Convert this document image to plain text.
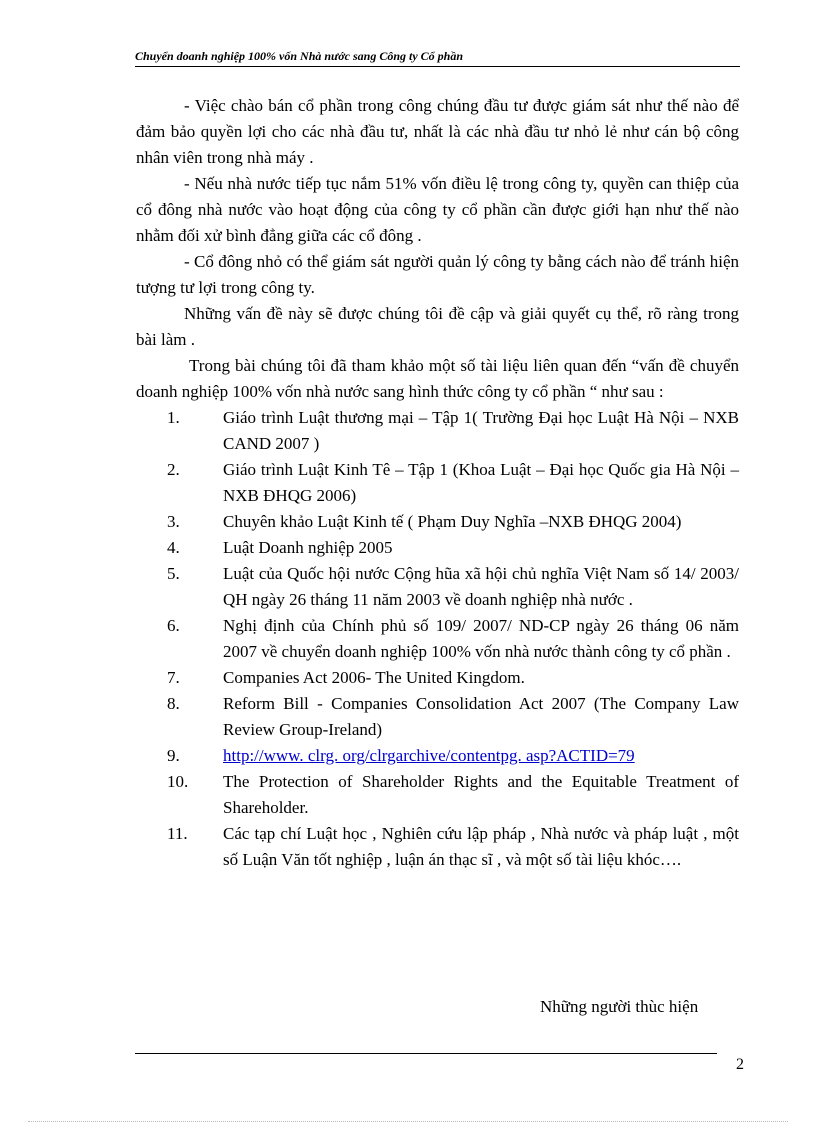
Chuyển doanh nghiệp 100% vốn Nhà nước sang Công ty Cổ phần

- Việc chào bán cổ phần trong công chúng đầu tư được giám sát như thế nào để đảm bảo quyền lợi cho các nhà đầu tư, nhất là các nhà đầu tư nhỏ lẻ như cán bộ công nhân viên trong nhà máy .

- Nếu nhà nước tiếp tục nắm 51% vốn điều lệ trong công ty, quyền can thiệp của cổ đông nhà nước vào hoạt động của công ty cổ phần cần được giới hạn như thế nào nhằm đối xử bình đẳng giữa các cổ đông .

- Cổ đông nhỏ có thể giám sát người quản lý công ty bằng cách nào để tránh hiện tượng tư lợi trong công ty.

Những vấn đề này sẽ được chúng tôi đề cập và giải quyết cụ thể, rõ ràng trong bài làm .

Trong bài chúng tôi đã tham khảo một số tài liệu liên quan đến “vấn đề chuyển doanh nghiệp 100% vốn nhà nước sang hình thức công ty cổ phần “ như sau :

1.	Giáo trình Luật thương mại – Tập 1( Trường Đại học Luật Hà Nội – NXB CAND 2007 )
2.	Giáo trình Luật Kinh Tê – Tập 1 (Khoa Luật – Đại học Quốc gia Hà Nội –NXB ĐHQG 2006)
3.	Chuyên khảo Luật Kinh tế ( Phạm Duy Nghĩa –NXB ĐHQG 2004)
4.	Luật Doanh nghiệp 2005
5.	Luật của Quốc hội nước Cộng hũa xã hội chủ nghĩa Việt Nam số 14/ 2003/ QH ngày 26 tháng 11 năm 2003 về doanh nghiệp nhà nước .
6.	Nghị định của Chính phủ số 109/ 2007/ ND-CP ngày 26 tháng 06 năm 2007 về chuyển doanh nghiệp 100% vốn nhà nước thành công ty cổ phần .
7.	Companies Act 2006- The United Kingdom.
8.	Reform Bill - Companies Consolidation Act 2007 (The Company Law Review Group-Ireland)
9.	http://www. clrg. org/clrgarchive/contentpg. asp?ACTID=79
10.	The Protection of Shareholder Rights and the Equitable Treatment of Shareholder.
11.	Các tạp chí Luật học , Nghiên cứu lập pháp , Nhà nước và pháp luật , một số Luận Văn tốt nghiệp , luận án thạc sĩ , và một số tài liệu khóc….
Những người thùc hiện
2
